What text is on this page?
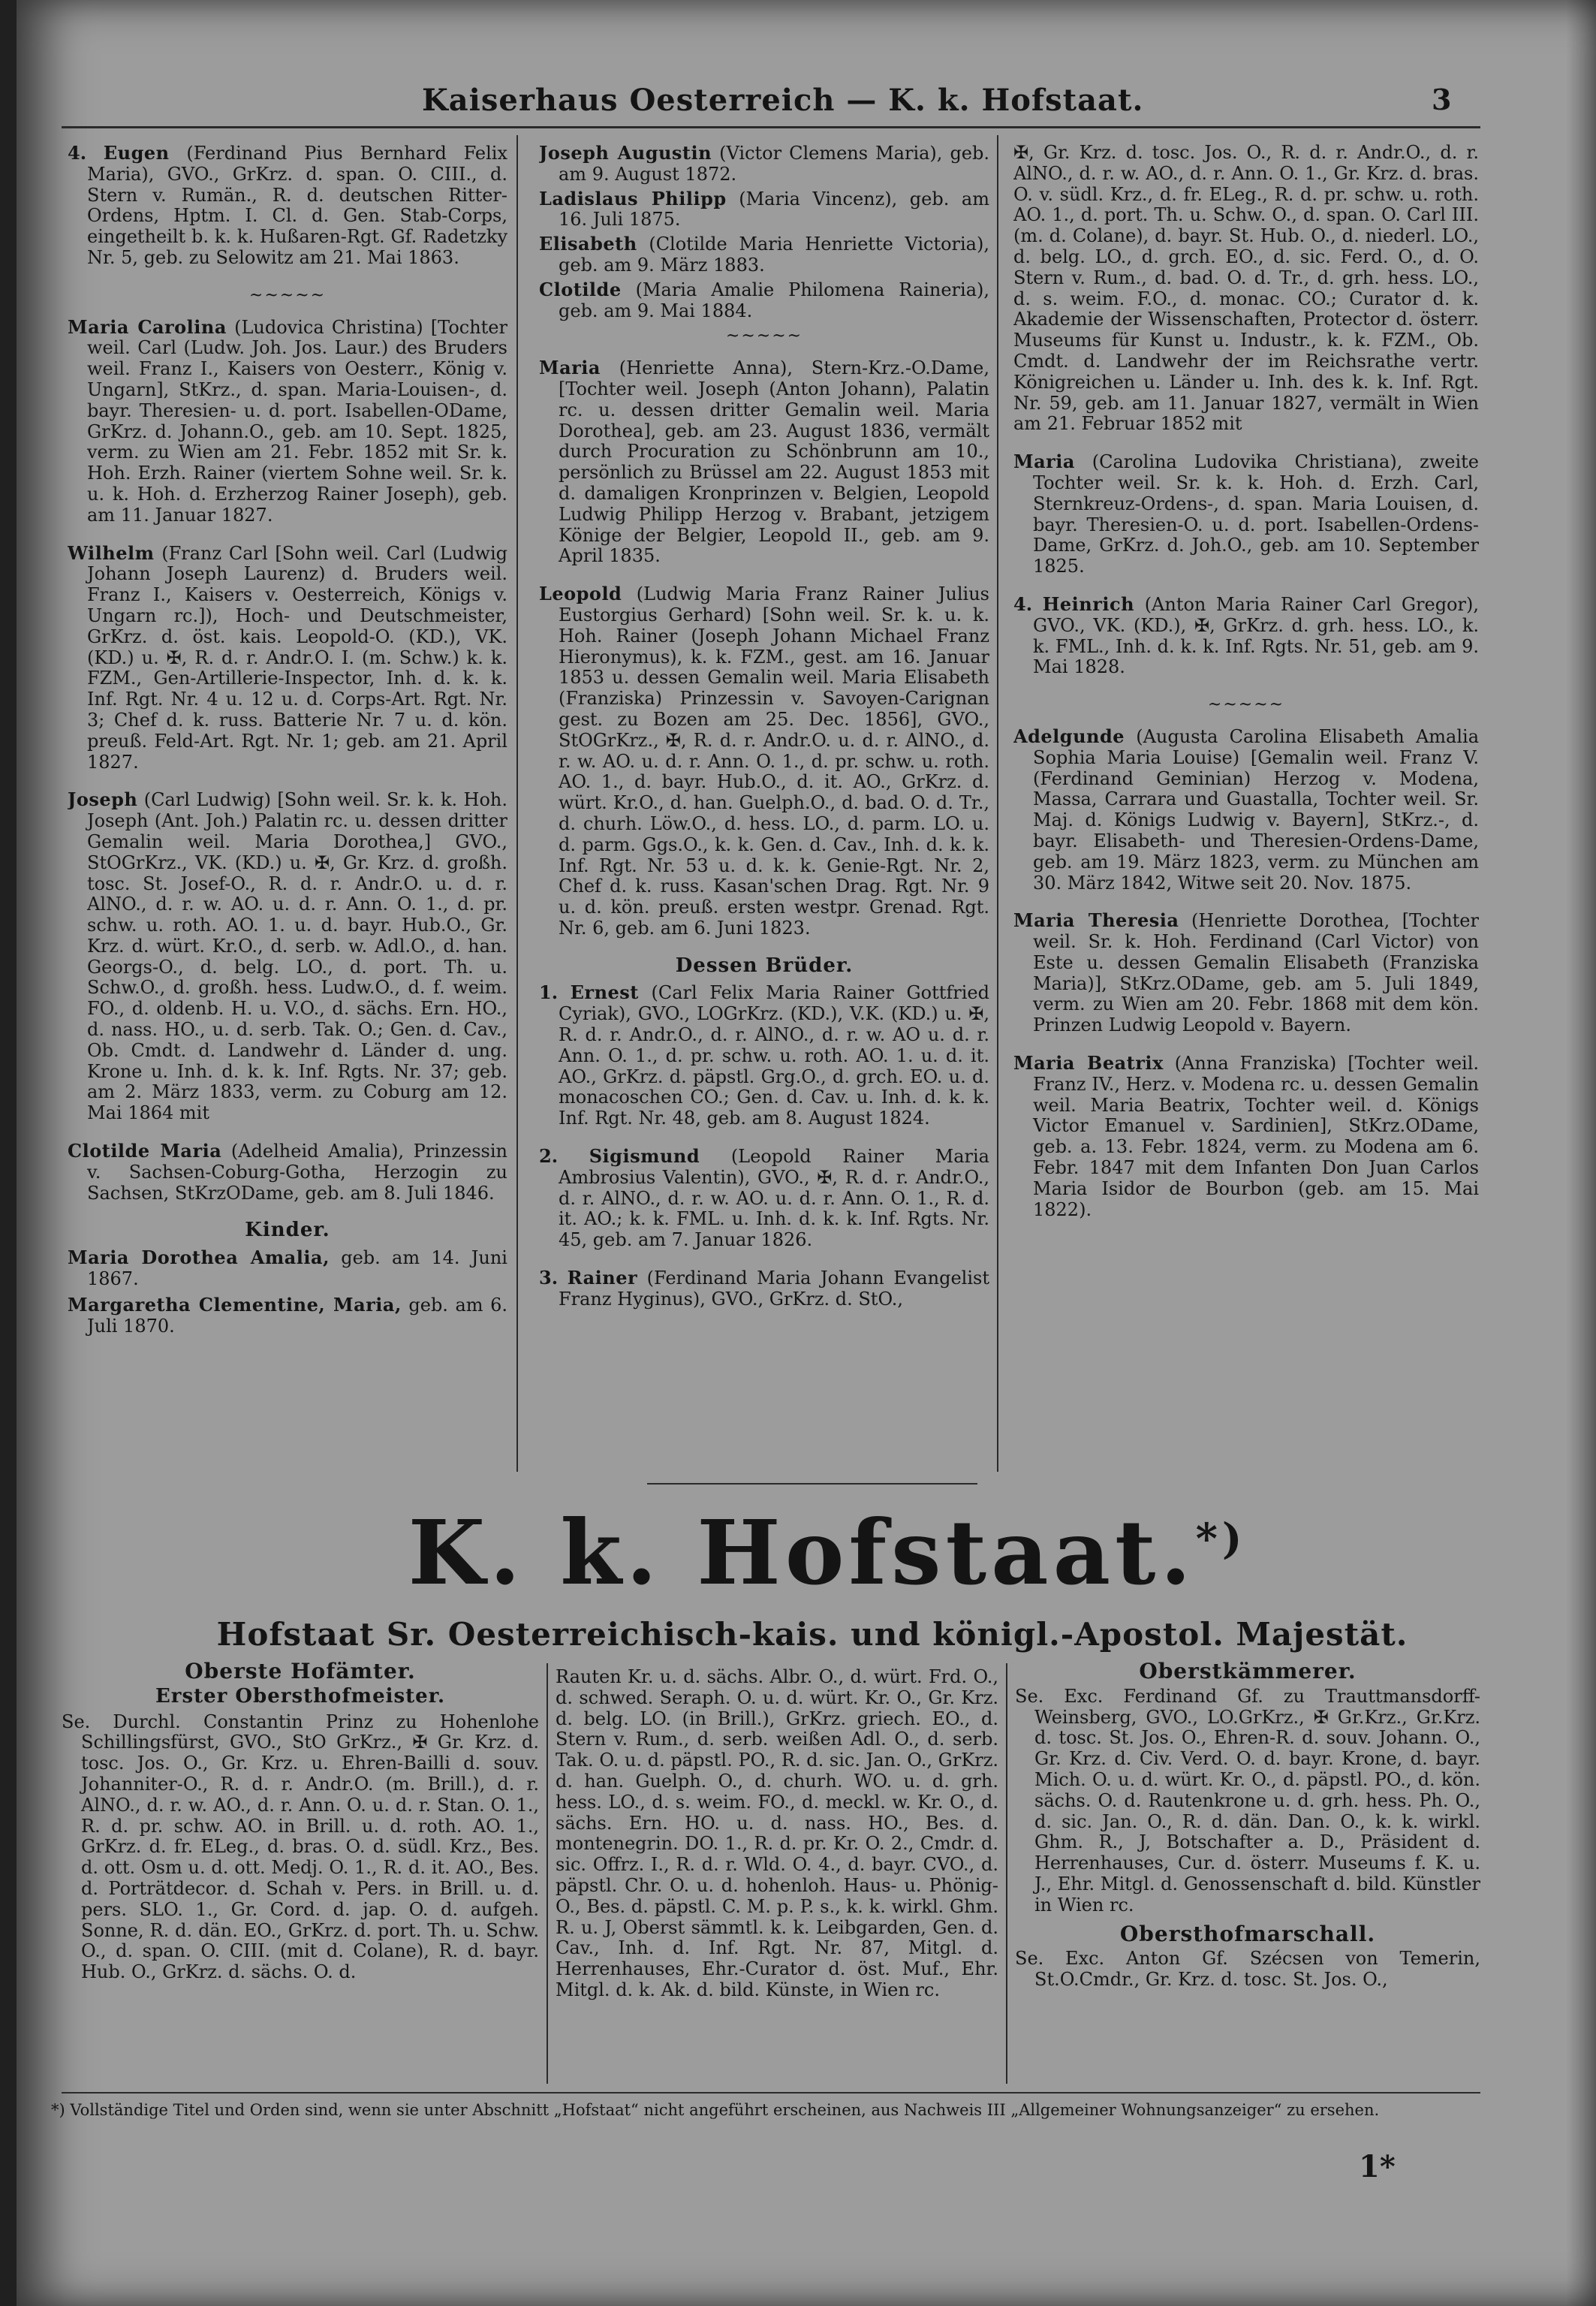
Kaiserhaus Oesterreich — K. k. Hofstaat.	3

4. Eugen (Ferdinand Pius Bernhard Felix Maria), GVO., GrKrz. d. span. O. CIII., d. Stern v. Rumän., R. d. deutschen Ritter-Ordens, Hptm. I. Cl. d. Gen. Stab-Corps, eingetheilt b. k. k. Hußaren-Rgt. Gf. Radetzky Nr. 5, geb. zu Selowitz am 21. Mai 1863.

~~~~~

Maria Carolina (Ludovica Christina) [Tochter weil. Carl (Ludw. Joh. Jos. Laur.) des Bruders weil. Franz I., Kaisers von Oesterr., König v. Ungarn], StKrz., d. span. Maria-Louisen-, d. bayr. Theresien- u. d. port. Isabellen-ODame, GrKrz. d. Johann.O., geb. am 10. Sept. 1825, verm. zu Wien am 21. Febr. 1852 mit Sr. k. Hoh. Erzh. Rainer (viertem Sohne weil. Sr. k. u. k. Hoh. d. Erzherzog Rainer Joseph), geb. am 11. Januar 1827.

Wilhelm (Franz Carl [Sohn weil. Carl (Ludwig Johann Joseph Laurenz) d. Bruders weil. Franz I., Kaisers v. Oesterreich, Königs v. Ungarn rc.]), Hoch- und Deutschmeister, GrKrz. d. öst. kais. Leopold-O. (KD.), VK. (KD.) u. ✠, R. d. r. Andr.O. I. (m. Schw.) k. k. FZM., Gen-Artillerie-Inspector, Inh. d. k. k. Inf. Rgt. Nr. 4 u. 12 u. d. Corps-Art. Rgt. Nr. 3; Chef d. k. russ. Batterie Nr. 7 u. d. kön. preuß. Feld-Art. Rgt. Nr. 1; geb. am 21. April 1827.

Joseph (Carl Ludwig) [Sohn weil. Sr. k. k. Hoh. Joseph (Ant. Joh.) Palatin rc. u. dessen dritter Gemalin weil. Maria Dorothea,] GVO., StOGrKrz., VK. (KD.) u. ✠, Gr. Krz. d. großh. tosc. St. Josef-O., R. d. r. Andr.O. u. d. r. AlNO., d. r. w. AO. u. d. r. Ann. O. 1., d. pr. schw. u. roth. AO. 1. u. d. bayr. Hub.O., Gr. Krz. d. würt. Kr.O., d. serb. w. Adl.O., d. han. Georgs-O., d. belg. LO., d. port. Th. u. Schw.O., d. großh. hess. Ludw.O., d. f. weim. FO., d. oldenb. H. u. V.O., d. sächs. Ern. HO., d. nass. HO., u. d. serb. Tak. O.; Gen. d. Cav., Ob. Cmdt. d. Landwehr d. Länder d. ung. Krone u. Inh. d. k. k. Inf. Rgts. Nr. 37; geb. am 2. März 1833, verm. zu Coburg am 12. Mai 1864 mit

Clotilde Maria (Adelheid Amalia), Prinzessin v. Sachsen-Coburg-Gotha, Herzogin zu Sachsen, StKrzODame, geb. am 8. Juli 1846.

Kinder.

Maria Dorothea Amalia, geb. am 14. Juni 1867.

Margaretha Clementine, Maria, geb. am 6. Juli 1870.

Joseph Augustin (Victor Clemens Maria), geb. am 9. August 1872.

Ladislaus Philipp (Maria Vincenz), geb. am 16. Juli 1875.

Elisabeth (Clotilde Maria Henriette Victoria), geb. am 9. März 1883.

Clotilde (Maria Amalie Philomena Raineria), geb. am 9. Mai 1884.

~~~~~

Maria (Henriette Anna), Stern-Krz.-O.Dame, [Tochter weil. Joseph (Anton Johann), Palatin rc. u. dessen dritter Gemalin weil. Maria Dorothea], geb. am 23. August 1836, vermält durch Procuration zu Schönbrunn am 10., persönlich zu Brüssel am 22. August 1853 mit d. damaligen Kronprinzen v. Belgien, Leopold Ludwig Philipp Herzog v. Brabant, jetzigem Könige der Belgier, Leopold II., geb. am 9. April 1835.

Leopold (Ludwig Maria Franz Rainer Julius Eustorgius Gerhard) [Sohn weil. Sr. k. u. k. Hoh. Rainer (Joseph Johann Michael Franz Hieronymus), k. k. FZM., gest. am 16. Januar 1853 u. dessen Gemalin weil. Maria Elisabeth (Franziska) Prinzessin v. Savoyen-Carignan gest. zu Bozen am 25. Dec. 1856], GVO., StOGrKrz., ✠, R. d. r. Andr.O. u. d. r. AlNO., d. r. w. AO. u. d. r. Ann. O. 1., d. pr. schw. u. roth. AO. 1., d. bayr. Hub.O., d. it. AO., GrKrz. d. würt. Kr.O., d. han. Guelph.O., d. bad. O. d. Tr., d. churh. Löw.O., d. hess. LO., d. parm. LO. u. d. parm. Ggs.O., k. k. Gen. d. Cav., Inh. d. k. k. Inf. Rgt. Nr. 53 u. d. k. k. Genie-Rgt. Nr. 2, Chef d. k. russ. Kasan'schen Drag. Rgt. Nr. 9 u. d. kön. preuß. ersten westpr. Grenad. Rgt. Nr. 6, geb. am 6. Juni 1823.

Dessen Brüder.

1. Ernest (Carl Felix Maria Rainer Gottfried Cyriak), GVO., LOGrKrz. (KD.), V.K. (KD.) u. ✠, R. d. r. Andr.O., d. r. AlNO., d. r. w. AO u. d. r. Ann. O. 1., d. pr. schw. u. roth. AO. 1. u. d. it. AO., GrKrz. d. päpstl. Grg.O., d. grch. EO. u. d. monacoschen CO.; Gen. d. Cav. u. Inh. d. k. k. Inf. Rgt. Nr. 48, geb. am 8. August 1824.

2. Sigismund (Leopold Rainer Maria Ambrosius Valentin), GVO., ✠, R. d. r. Andr.O., d. r. AlNO., d. r. w. AO. u. d. r. Ann. O. 1., R. d. it. AO.; k. k. FML. u. Inh. d. k. k. Inf. Rgts. Nr. 45, geb. am 7. Januar 1826.

3. Rainer (Ferdinand Maria Johann Evangelist Franz Hyginus), GVO., GrKrz. d. StO.,

✠, Gr. Krz. d. tosc. Jos. O., R. d. r. Andr.O., d. r. AlNO., d. r. w. AO., d. r. Ann. O. 1., Gr. Krz. d. bras. O. v. südl. Krz., d. fr. ELeg., R. d. pr. schw. u. roth. AO. 1., d. port. Th. u. Schw. O., d. span. O. Carl III. (m. d. Colane), d. bayr. St. Hub. O., d. niederl. LO., d. belg. LO., d. grch. EO., d. sic. Ferd. O., d. O. Stern v. Rum., d. bad. O. d. Tr., d. grh. hess. LO., d. s. weim. F.O., d. monac. CO.; Curator d. k. Akademie der Wissenschaften, Protector d. österr. Museums für Kunst u. Industr., k. k. FZM., Ob. Cmdt. d. Landwehr der im Reichsrathe vertr. Königreichen u. Länder u. Inh. des k. k. Inf. Rgt. Nr. 59, geb. am 11. Januar 1827, vermält in Wien am 21. Februar 1852 mit

Maria (Carolina Ludovika Christiana), zweite Tochter weil. Sr. k. k. Hoh. d. Erzh. Carl, Sternkreuz-Ordens-, d. span. Maria Louisen, d. bayr. Theresien-O. u. d. port. Isabellen-Ordens-Dame, GrKrz. d. Joh.O., geb. am 10. September 1825.

4. Heinrich (Anton Maria Rainer Carl Gregor), GVO., VK. (KD.), ✠, GrKrz. d. grh. hess. LO., k. k. FML., Inh. d. k. k. Inf. Rgts. Nr. 51, geb. am 9. Mai 1828.

~~~~~

Adelgunde (Augusta Carolina Elisabeth Amalia Sophia Maria Louise) [Gemalin weil. Franz V. (Ferdinand Geminian) Herzog v. Modena, Massa, Carrara und Guastalla, Tochter weil. Sr. Maj. d. Königs Ludwig v. Bayern], StKrz.-, d. bayr. Elisabeth- und Theresien-Ordens-Dame, geb. am 19. März 1823, verm. zu München am 30. März 1842, Witwe seit 20. Nov. 1875.

Maria Theresia (Henriette Dorothea, [Tochter weil. Sr. k. Hoh. Ferdinand (Carl Victor) von Este u. dessen Gemalin Elisabeth (Franziska Maria)], StKrz.ODame, geb. am 5. Juli 1849, verm. zu Wien am 20. Febr. 1868 mit dem kön. Prinzen Ludwig Leopold v. Bayern.

Maria Beatrix (Anna Franziska) [Tochter weil. Franz IV., Herz. v. Modena rc. u. dessen Gemalin weil. Maria Beatrix, Tochter weil. d. Königs Victor Emanuel v. Sardinien], StKrz.ODame, geb. a. 13. Febr. 1824, verm. zu Modena am 6. Febr. 1847 mit dem Infanten Don Juan Carlos Maria Isidor de Bourbon (geb. am 15. Mai 1822).

K. k. Hofstaat.*)
Hofstaat Sr. Oesterreichisch-kais. und königl.-Apostol. Majestät.
Oberste Hofämter.
Erster Obersthofmeister.

Se. Durchl. Constantin Prinz zu Hohenlohe Schillingsfürst, GVO., StO GrKrz., ✠ Gr. Krz. d. tosc. Jos. O., Gr. Krz. u. Ehren-Bailli d. souv. Johanniter-O., R. d. r. Andr.O. (m. Brill.), d. r. AlNO., d. r. w. AO., d. r. Ann. O. u. d. r. Stan. O. 1., R. d. pr. schw. AO. in Brill. u. d. roth. AO. 1., GrKrz. d. fr. ELeg., d. bras. O. d. südl. Krz., Bes. d. ott. Osm u. d. ott. Medj. O. 1., R. d. it. AO., Bes. d. Porträtdecor. d. Schah v. Pers. in Brill. u. d. pers. SLO. 1., Gr. Cord. d. jap. O. d. aufgeh. Sonne, R. d. dän. EO., GrKrz. d. port. Th. u. Schw. O., d. span. O. CIII. (mit d. Colane), R. d. bayr. Hub. O., GrKrz. d. sächs. O. d.

Rauten Kr. u. d. sächs. Albr. O., d. würt. Frd. O., d. schwed. Seraph. O. u. d. würt. Kr. O., Gr. Krz. d. belg. LO. (in Brill.), GrKrz. griech. EO., d. Stern v. Rum., d. serb. weißen Adl. O., d. serb. Tak. O. u. d. päpstl. PO., R. d. sic. Jan. O., GrKrz. d. han. Guelph. O., d. churh. WO. u. d. grh. hess. LO., d. s. weim. FO., d. meckl. w. Kr. O., d. sächs. Ern. HO. u. d. nass. HO., Bes. d. montenegrin. DO. 1., R. d. pr. Kr. O. 2., Cmdr. d. sic. Offrz. I., R. d. r. Wld. O. 4., d. bayr. CVO., d. päpstl. Chr. O. u. d. hohenloh. Haus- u. Phönig-O., Bes. d. päpstl. C. M. p. P. s., k. k. wirkl. Ghm. R. u. J, Oberst sämmtl. k. k. Leibgarden, Gen. d. Cav., Inh. d. Inf. Rgt. Nr. 87, Mitgl. d. Herrenhauses, Ehr.-Curator d. öst. Muf., Ehr. Mitgl. d. k. Ak. d. bild. Künste, in Wien rc.

Oberstkämmerer.

Se. Exc. Ferdinand Gf. zu Trauttmansdorff-Weinsberg, GVO., LO.GrKrz., ✠ Gr.Krz., Gr.Krz. d. tosc. St. Jos. O., Ehren-R. d. souv. Johann. O., Gr. Krz. d. Civ. Verd. O. d. bayr. Krone, d. bayr. Mich. O. u. d. würt. Kr. O., d. päpstl. PO., d. kön. sächs. O. d. Rautenkrone u. d. grh. hess. Ph. O., d. sic. Jan. O., R. d. dän. Dan. O., k. k. wirkl. Ghm. R., J, Botschafter a. D., Präsident d. Herrenhauses, Cur. d. österr. Museums f. K. u. J., Ehr. Mitgl. d. Genossenschaft d. bild. Künstler in Wien rc.

Obersthofmarschall.

Se. Exc. Anton Gf. Szécsen von Temerin, St.O.Cmdr., Gr. Krz. d. tosc. St. Jos. O.,

*) Vollständige Titel und Orden sind, wenn sie unter Abschnitt „Hofstaat“ nicht angeführt erscheinen, aus Nachweis III „Allgemeiner Wohnungsanzeiger“ zu ersehen.
1*
